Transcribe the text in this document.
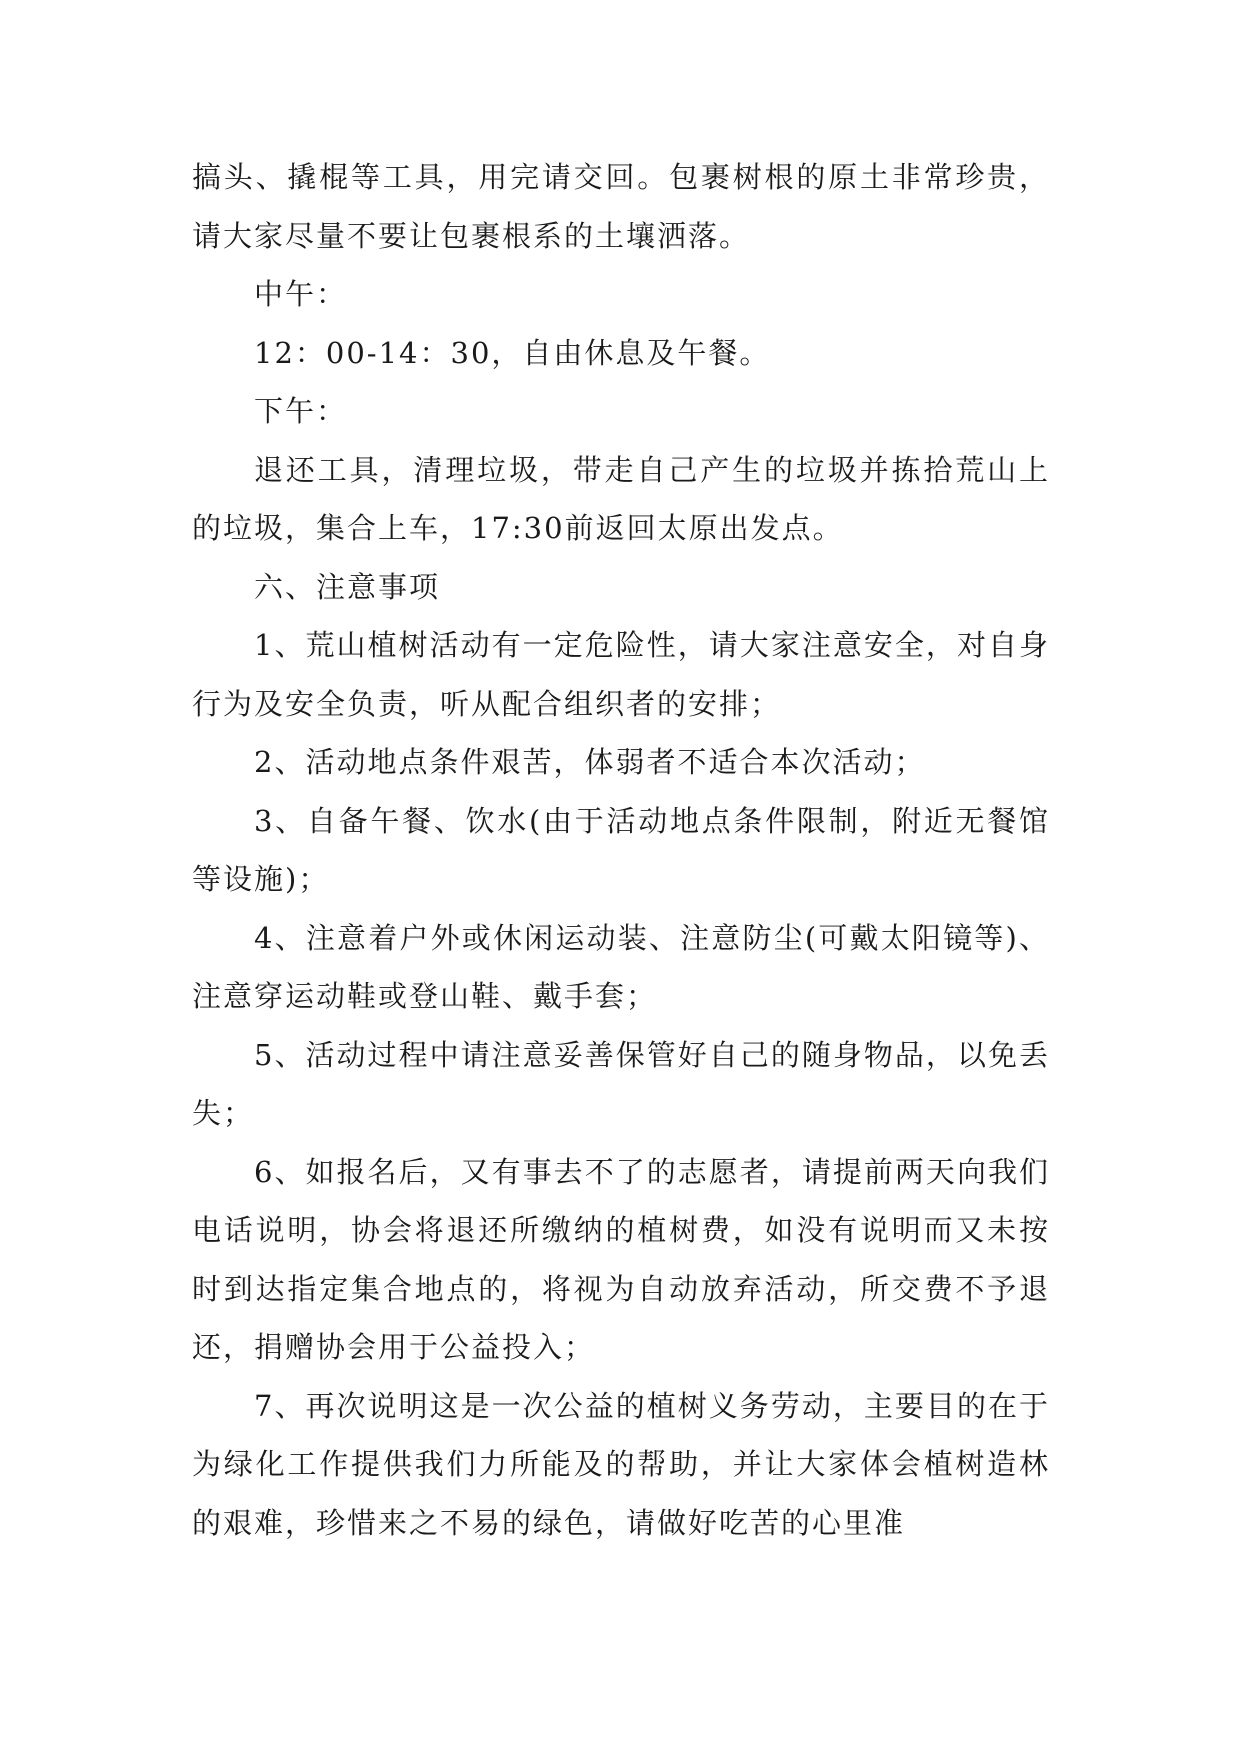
搞头、撬棍等工具，用完请交回。包裹树根的原土非常珍贵，请大家尽量不要让包裹根系的土壤洒落。

中午：

12：00-14：30，自由休息及午餐。

下午：

退还工具，清理垃圾，带走自己产生的垃圾并拣拾荒山上的垃圾，集合上车，17:30前返回太原出发点。

六、注意事项

1、荒山植树活动有一定危险性，请大家注意安全，对自身行为及安全负责，听从配合组织者的安排；

2、活动地点条件艰苦，体弱者不适合本次活动；

3、自备午餐、饮水(由于活动地点条件限制，附近无餐馆等设施)；

4、注意着户外或休闲运动装、注意防尘(可戴太阳镜等)、注意穿运动鞋或登山鞋、戴手套；

5、活动过程中请注意妥善保管好自己的随身物品，以免丢失；

6、如报名后，又有事去不了的志愿者，请提前两天向我们电话说明，协会将退还所缴纳的植树费，如没有说明而又未按时到达指定集合地点的，将视为自动放弃活动，所交费不予退还，捐赠协会用于公益投入；

7、再次说明这是一次公益的植树义务劳动，主要目的在于为绿化工作提供我们力所能及的帮助，并让大家体会植树造林的艰难，珍惜来之不易的绿色，请做好吃苦的心里准
